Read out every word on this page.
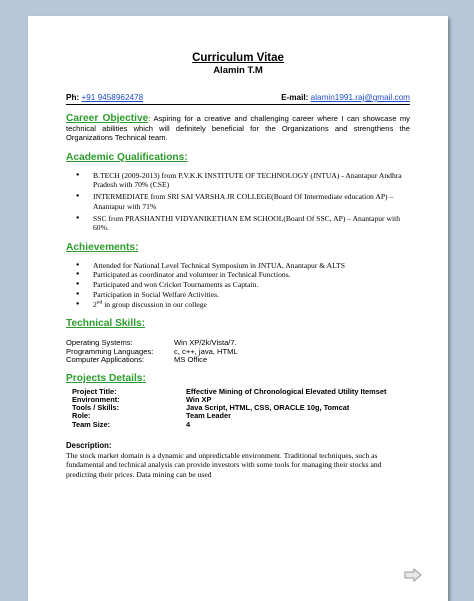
Curriculum Vitae
Alamin T.M
Ph: +91 9458962478	E-mail: alamin1991.raj@gmail.com
Career Objective: Aspiring for a creative and challenging career where I can showcase my technical abilities which will definitely beneficial for the Organizations and strengthens the Organizations Technical team.
Academic Qualifications:
● B.TECH (2009-2013) from P.V.K.K INSTITUTE OF TECHNOLOGY (JNTUA) - Anantapur Andhra Pradesh with 70% (CSE)
● INTERMEDIATE from SRI SAI VARSHA JR COLLEGE(Board Of Intermediate education AP) – Anantapur with 71%
● SSC from PRASHANTHI VIDYANIKETHAN EM SCHOOL(Board Of SSC, AP) – Anantapur with 60%.
Achievements:
● Attended for National Level Technical Symposium in JNTUA, Anantapur & ALTS
● Participated as coordinator and volunteer in Technical Functions.
● Participated and won Cricket Tournaments as Captain.
● Participation in Social Welfare Activities.
● 2nd in group discussion in our college
Technical Skills:
Operating Systems:	Win XP/2k/Vista/7.
Programming Languages:	c, c++, java, HTML
Computer Applications:	MS Office
Projects Details:
Project Title:	Effective Mining of Chronological Elevated Utility Itemset
Environment:	Win XP
Tools / Skills:	Java Script, HTML, CSS, ORACLE 10g, Tomcat
Role:	Team Leader
Team Size:	4
Description:
The stock market domain is a dynamic and unpredictable environment. Traditional techniques, such as fundamental and technical analysis can provide investors with some tools for managing their stocks and predicting their prices. Data mining can be used
